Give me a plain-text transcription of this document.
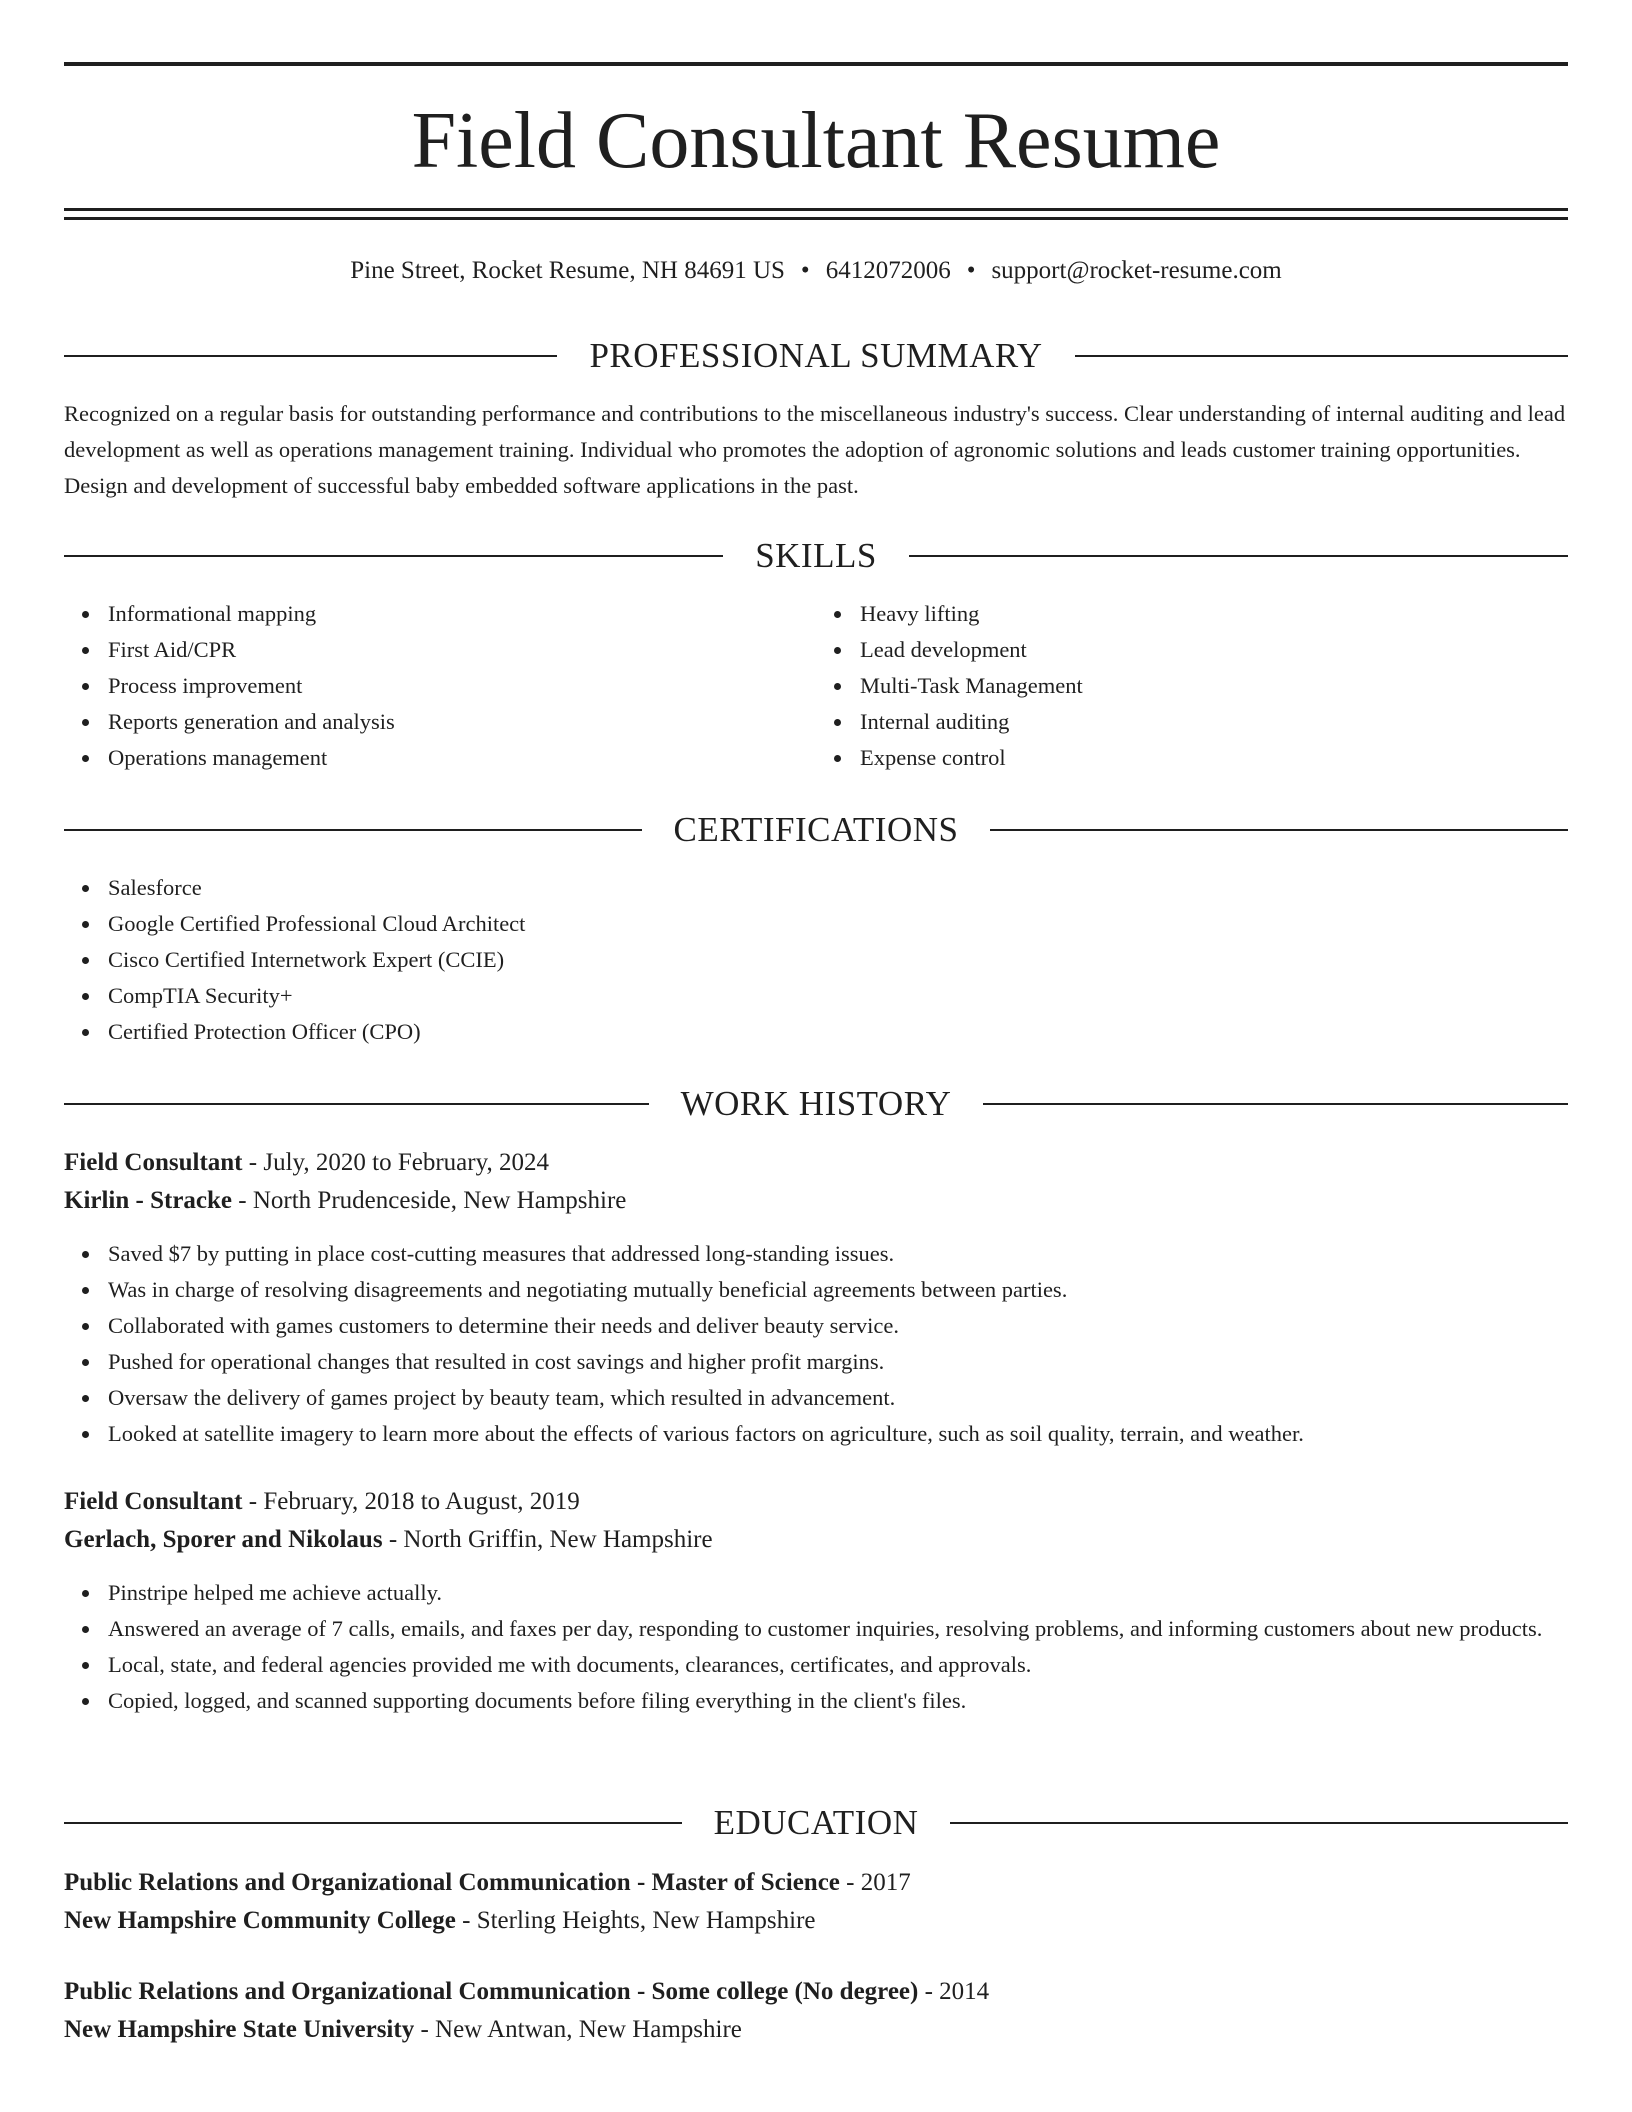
Field Consultant Resume
Pine Street, Rocket Resume, NH 84691 US • 6412072006 • support@rocket-resume.com
PROFESSIONAL SUMMARY

Recognized on a regular basis for outstanding performance and contributions to the miscellaneous industry's success. Clear understanding of internal auditing and lead development as well as operations management training. Individual who promotes the adoption of agronomic solutions and leads customer training opportunities. Design and development of successful baby embedded software applications in the past.

SKILLS
Informational mapping
First Aid/CPR
Process improvement
Reports generation and analysis
Operations management
Heavy lifting
Lead development
Multi-Task Management
Internal auditing
Expense control
CERTIFICATIONS
Salesforce
Google Certified Professional Cloud Architect
Cisco Certified Internetwork Expert (CCIE)
CompTIA Security+
Certified Protection Officer (CPO)
WORK HISTORY
Field Consultant - July, 2020 to February, 2024
Kirlin - Stracke - North Prudenceside, New Hampshire
Saved $7 by putting in place cost-cutting measures that addressed long-standing issues.
Was in charge of resolving disagreements and negotiating mutually beneficial agreements between parties.
Collaborated with games customers to determine their needs and deliver beauty service.
Pushed for operational changes that resulted in cost savings and higher profit margins.
Oversaw the delivery of games project by beauty team, which resulted in advancement.
Looked at satellite imagery to learn more about the effects of various factors on agriculture, such as soil quality, terrain, and weather.
Field Consultant - February, 2018 to August, 2019
Gerlach, Sporer and Nikolaus - North Griffin, New Hampshire
Pinstripe helped me achieve actually.
Answered an average of 7 calls, emails, and faxes per day, responding to customer inquiries, resolving problems, and informing customers about new products.
Local, state, and federal agencies provided me with documents, clearances, certificates, and approvals.
Copied, logged, and scanned supporting documents before filing everything in the client's files.
EDUCATION
Public Relations and Organizational Communication - Master of Science - 2017
New Hampshire Community College - Sterling Heights, New Hampshire
Public Relations and Organizational Communication - Some college (No degree) - 2014
New Hampshire State University - New Antwan, New Hampshire
